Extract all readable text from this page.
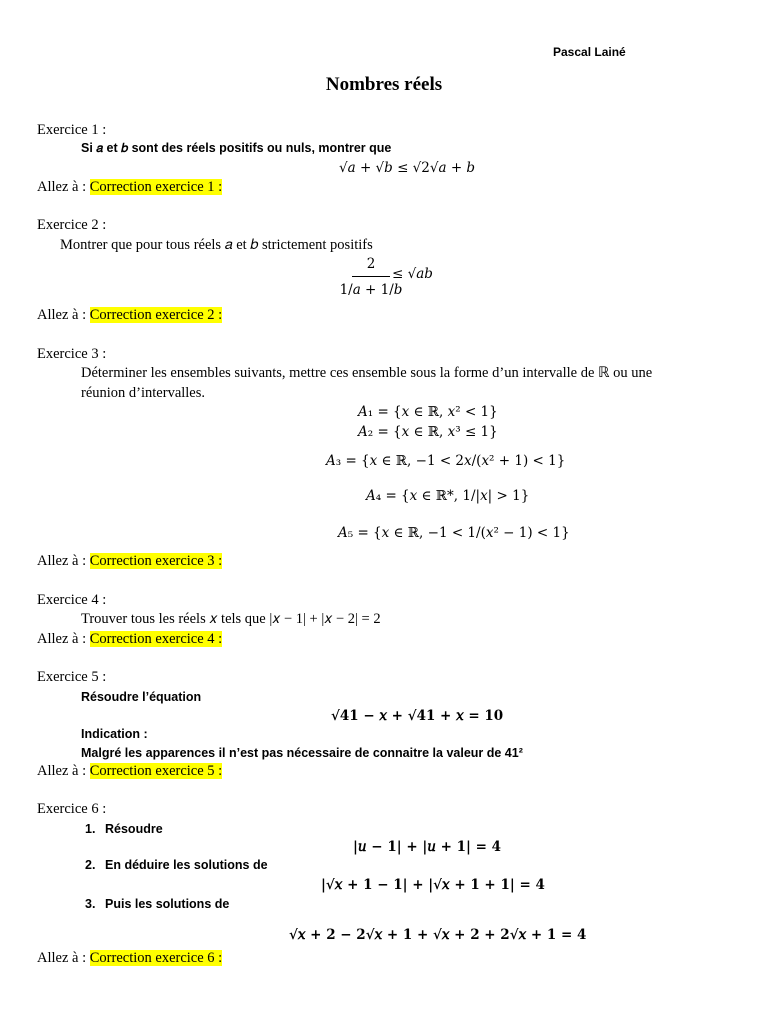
Pascal Lainé
Nombres réels
Exercice 1 :
Si 𝑎 et 𝑏 sont des réels positifs ou nuls, montrer que
√𝑎 + √𝑏 ≤ √2√𝑎 + 𝑏
Allez à : Correction exercice 1 :
Exercice 2 :
Montrer que pour tous réels 𝑎 et 𝑏 strictement positifs
2
1/𝑎 + 1/𝑏
≤ √𝑎𝑏
Allez à : Correction exercice 2 :
Exercice 3 :
Déterminer les ensembles suivants, mettre ces ensemble sous la forme d’un intervalle de ℝ ou une
réunion d’intervalles.
𝐴₁ = {𝑥 ∈ ℝ, 𝑥² < 1}
𝐴₂ = {𝑥 ∈ ℝ, 𝑥³ ≤ 1}
𝐴₃ = {𝑥 ∈ ℝ, −1 < 2𝑥/(𝑥² + 1) < 1}
𝐴₄ = {𝑥 ∈ ℝ*, 1/|𝑥| > 1}
𝐴₅ = {𝑥 ∈ ℝ, −1 < 1/(𝑥² − 1) < 1}
Allez à : Correction exercice 3 :
Exercice 4 :
Trouver tous les réels 𝑥 tels que |𝑥 − 1| + |𝑥 − 2| = 2
Allez à : Correction exercice 4 :
Exercice 5 :
Résoudre l’équation
√41 − 𝑥 + √41 + 𝑥 = 10
Indication :
Malgré les apparences il n’est pas nécessaire de connaitre la valeur de 41²
Allez à : Correction exercice 5 :
Exercice 6 :
1. Résoudre
|𝑢 − 1| + |𝑢 + 1| = 4
2. En déduire les solutions de
|√𝑥 + 1 − 1| + |√𝑥 + 1 + 1| = 4
3. Puis les solutions de
√𝑥 + 2 − 2√𝑥 + 1 + √𝑥 + 2 + 2√𝑥 + 1 = 4
Allez à : Correction exercice 6 :
